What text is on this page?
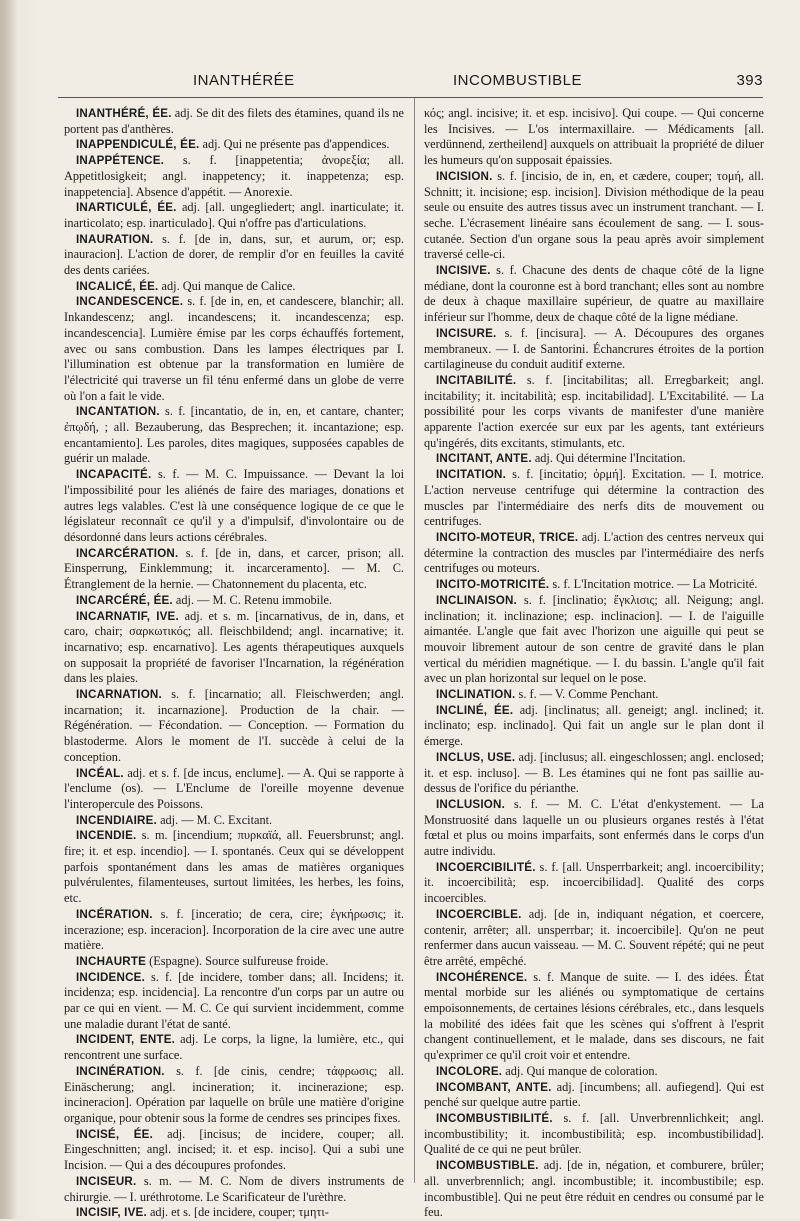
INANTHÉRÉE	INCOMBUSTIBLE	393

INANTHÉRÉ, ÉE. adj. Se dit des filets des étamines, quand ils ne portent pas d'anthères.

INAPPENDICULÉ, ÉE. adj. Qui ne présente pas d'appendices.

INAPPÉTENCE. s. f. [inappetentia; ἀνορεξία; all. Appetitlosigkeit; angl. inappetency; it. inappetenza; esp. inappetencia]. Absence d'appétit. — Anorexie.

INARTICULÉ, ÉE. adj. [all. ungegliedert; angl. inarticulate; it. inarticolato; esp. inarticulado]. Qui n'offre pas d'articulations.

INAURATION. s. f. [de in, dans, sur, et aurum, or; esp. inauracion]. L'action de dorer, de remplir d'or en feuilles la cavité des dents cariées.

INCALICÉ, ÉE. adj. Qui manque de Calice.

INCANDESCENCE. s. f. [de in, en, et candescere, blanchir; all. Inkandescenz; angl. incandescens; it. incandescenza; esp. incandescencia]. Lumière émise par les corps échauffés fortement, avec ou sans combustion. Dans les lampes électriques par I. l'illumination est obtenue par la transformation en lumière de l'électricité qui traverse un fil ténu enfermé dans un globe de verre où l'on a fait le vide.

INCANTATION. s. f. [incantatio, de in, en, et cantare, chanter; ἐπῳδή, ; all. Bezauberung, das Besprechen; it. incantazione; esp. encantamiento]. Les paroles, dites magiques, supposées capables de guérir un malade.

INCAPACITÉ. s. f. — M. C. Impuissance. — Devant la loi l'impossibilité pour les aliénés de faire des mariages, donations et autres legs valables. C'est là une conséquence logique de ce que le législateur reconnaît ce qu'il y a d'impulsif, d'involontaire ou de désordonné dans leurs actions cérébrales.

INCARCÉRATION. s. f. [de in, dans, et carcer, prison; all. Einsperrung, Einklemmung; it. incarceramento]. — M. C. Étranglement de la hernie. — Chatonnement du placenta, etc.

INCARCÉRÉ, ÉE. adj. — M. C. Retenu immobile.

INCARNATIF, IVE. adj. et s. m. [incarnativus, de in, dans, et caro, chair; σαρκωτικός; all. fleischbildend; angl. incarnative; it. incarnativo; esp. encarnativo]. Les agents thérapeutiques auxquels on supposait la propriété de favoriser l'Incarnation, la régénération dans les plaies.

INCARNATION. s. f. [incarnatio; all. Fleischwerden; angl. incarnation; it. incarnazione]. Production de la chair. — Régénération. — Fécondation. — Conception. — Formation du blastoderme. Alors le moment de l'I. succède à celui de la conception.

INCÉAL. adj. et s. f. [de incus, enclume]. — A. Qui se rapporte à l'enclume (os). — L'Enclume de l'oreille moyenne devenue l'interopercule des Poissons.

INCENDIAIRE. adj. — M. C. Excitant.

INCENDIE. s. m. [incendium; πυρκαϊά, all. Feuersbrunst; angl. fire; it. et esp. incendio]. — I. spontanés. Ceux qui se développent parfois spontanément dans les amas de matières organiques pulvérulentes, filamenteuses, surtout limitées, les herbes, les foins, etc.

INCÉRATION. s. f. [inceratio; de cera, cire; ἐγκήρωσις; it. incerazione; esp. inceracion]. Incorporation de la cire avec une autre matière.

INCHAURTE (Espagne). Source sulfureuse froide.

INCIDENCE. s. f. [de incidere, tomber dans; all. Incidens; it. incidenza; esp. incidencia]. La rencontre d'un corps par un autre ou par ce qui en vient. — M. C. Ce qui survient incidemment, comme une maladie durant l'état de santé.

INCIDENT, ENTE. adj. Le corps, la ligne, la lumière, etc., qui rencontrent une surface.

INCINÉRATION. s. f. [de cinis, cendre; τάφρωσις; all. Einäscherung; angl. incineration; it. incinerazione; esp. incineracion]. Opération par laquelle on brûle une matière d'origine organique, pour obtenir sous la forme de cendres ses principes fixes.

INCISÉ, ÉE. adj. [incisus; de incidere, couper; all. Eingeschnitten; angl. incised; it. et esp. inciso]. Qui a subi une Incision. — Qui a des découpures profondes.

INCISEUR. s. m. — M. C. Nom de divers instruments de chirurgie. — I. uréthrotome. Le Scarificateur de l'urèthre.

INCISIF, IVE. adj. et s. [de incidere, couper; τμητι-

κός; angl. incisive; it. et esp. incisivo]. Qui coupe. — Qui concerne les Incisives. — L'os intermaxillaire. — Médicaments [all. verdünnend, zertheilend] auxquels on attribuait la propriété de diluer les humeurs qu'on supposait épaissies.

INCISION. s. f. [incisio, de in, en, et cædere, couper; τομή, all. Schnitt; it. incisione; esp. incision]. Division méthodique de la peau seule ou ensuite des autres tissus avec un instrument tranchant. — I. seche. L'écrasement linéaire sans écoulement de sang. — I. sous-cutanée. Section d'un organe sous la peau après avoir simplement traversé celle-ci.

INCISIVE. s. f. Chacune des dents de chaque côté de la ligne médiane, dont la couronne est à bord tranchant; elles sont au nombre de deux à chaque maxillaire supérieur, de quatre au maxillaire inférieur sur l'homme, deux de chaque côté de la ligne médiane.

INCISURE. s. f. [incisura]. — A. Découpures des organes membraneux. — I. de Santorini. Échancrures étroites de la portion cartilagineuse du conduit auditif externe.

INCITABILITÉ. s. f. [incitabilitas; all. Erregbarkeit; angl. incitability; it. incitabilità; esp. incitabilidad]. L'Excitabilité. — La possibilité pour les corps vivants de manifester d'une manière apparente l'action exercée sur eux par les agents, tant extérieurs qu'ingérés, dits excitants, stimulants, etc.

INCITANT, ANTE. adj. Qui détermine l'Incitation.

INCITATION. s. f. [incitatio; ὁρμή]. Excitation. — I. motrice. L'action nerveuse centrifuge qui détermine la contraction des muscles par l'intermédiaire des nerfs dits de mouvement ou centrifuges.

INCITO-MOTEUR, TRICE. adj. L'action des centres nerveux qui détermine la contraction des muscles par l'intermédiaire des nerfs centrifuges ou moteurs.

INCITO-MOTRICITÉ. s. f. L'Incitation motrice. — La Motricité.

INCLINAISON. s. f. [inclinatio; ἔγκλισις; all. Neigung; angl. inclination; it. inclinazione; esp. inclinacion]. — I. de l'aiguille aimantée. L'angle que fait avec l'horizon une aiguille qui peut se mouvoir librement autour de son centre de gravité dans le plan vertical du méridien magnétique. — I. du bassin. L'angle qu'il fait avec un plan horizontal sur lequel on le pose.

INCLINATION. s. f. — V. Comme Penchant.

INCLINÉ, ÉE. adj. [inclinatus; all. geneigt; angl. inclined; it. inclinato; esp. inclinado]. Qui fait un angle sur le plan dont il émerge.

INCLUS, USE. adj. [inclusus; all. eingeschlossen; angl. enclosed; it. et esp. incluso]. — B. Les étamines qui ne font pas saillie au-dessus de l'orifice du périanthe.

INCLUSION. s. f. — M. C. L'état d'enkystement. — La Monstruosité dans laquelle un ou plusieurs organes restés à l'état fœtal et plus ou moins imparfaits, sont enfermés dans le corps d'un autre individu.

INCOERCIBILITÉ. s. f. [all. Unsperrbarkeit; angl. incoercibility; it. incoercibilità; esp. incoercibilidad]. Qualité des corps incoercibles.

INCOERCIBLE. adj. [de in, indiquant négation, et coercere, contenir, arrêter; all. unsperrbar; it. incoercibile]. Qu'on ne peut renfermer dans aucun vaisseau. — M. C. Souvent répété; qui ne peut être arrêté, empêché.

INCOHÉRENCE. s. f. Manque de suite. — I. des idées. État mental morbide sur les aliénés ou symptomatique de certains empoisonnements, de certaines lésions cérébrales, etc., dans lesquels la mobilité des idées fait que les scènes qui s'offrent à l'esprit changent continuellement, et le malade, dans ses discours, ne fait qu'exprimer ce qu'il croit voir et entendre.

INCOLORE. adj. Qui manque de coloration.

INCOMBANT, ANTE. adj. [incumbens; all. aufiegend]. Qui est penché sur quelque autre partie.

INCOMBUSTIBILITÉ. s. f. [all. Unverbrennlichkeit; angl. incombustibility; it. incombustibilità; esp. incombustibilidad]. Qualité de ce qui ne peut brûler.

INCOMBUSTIBLE. adj. [de in, négation, et comburere, brûler; all. unverbrennlich; angl. incombustible; it. incombustibile; esp. incombustible]. Qui ne peut être réduit en cendres ou consumé par le feu.
